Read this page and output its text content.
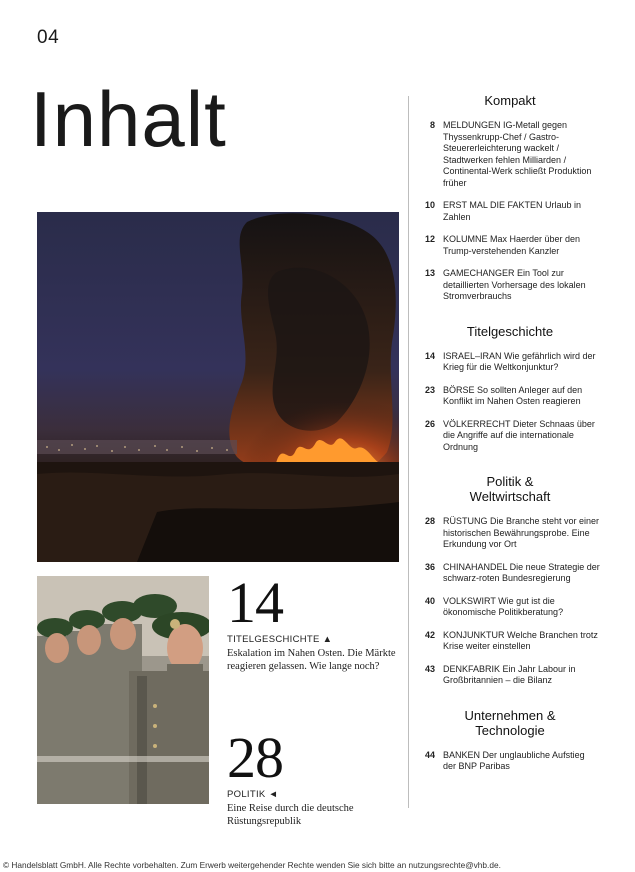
04
Inhalt
14
TITELGESCHICHTE ▲
Eskalation im Nahen Osten. Die Märkte reagieren gelassen. Wie lange noch?
28
POLITIK ◄
Eine Reise durch die deutsche Rüstungsrepublik
Kompakt
8 MELDUNGEN IG-Metall gegen Thyssenkrupp-Chef / Gastro-Steuererleichterung wackelt / Stadtwerken fehlen Milliarden / Continental-Werk schließt Produktion früher
10 ERST MAL DIE FAKTEN Urlaub in Zahlen
12 KOLUMNE Max Haerder über den Trump-verstehenden Kanzler
13 GAMECHANGER Ein Tool zur detaillierten Vorhersage des lokalen Stromverbrauchs
Titelgeschichte
14 ISRAEL–IRAN Wie gefährlich wird der Krieg für die Weltkonjunktur?
23 BÖRSE So sollten Anleger auf den Konflikt im Nahen Osten reagieren
26 VÖLKERRECHT Dieter Schnaas über die Angriffe auf die internationale Ordnung
Politik & Weltwirtschaft
28 RÜSTUNG Die Branche steht vor einer historischen Bewährungsprobe. Eine Erkundung vor Ort
36 CHINAHANDEL Die neue Strategie der schwarz-roten Bundesregierung
40 VOLKSWIRT Wie gut ist die ökonomische Politikberatung?
42 KONJUNKTUR Welche Branchen trotz Krise weiter einstellen
43 DENKFABRIK Ein Jahr Labour in Großbritannien – die Bilanz
Unternehmen & Technologie
44 BANKEN Der unglaubliche Aufstieg der BNP Paribas
© Handelsblatt GmbH. Alle Rechte vorbehalten. Zum Erwerb weitergehender Rechte wenden Sie sich bitte an nutzungsrechte@vhb.de.
